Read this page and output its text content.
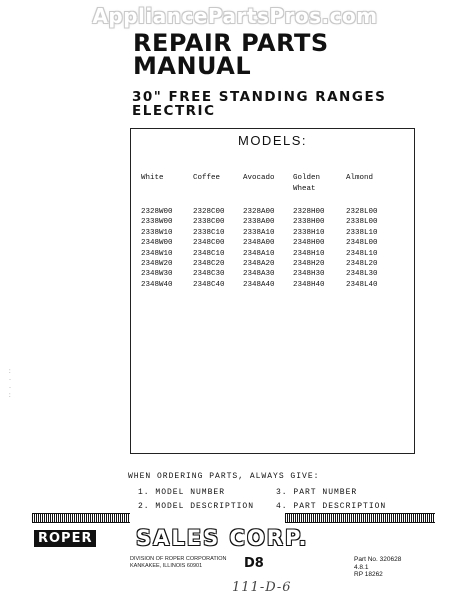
AppliancePartsPros.com
REPAIR PARTS
MANUAL
30" FREE STANDING RANGES
ELECTRIC
MODELS:
White
2328W00
2338W00
2338W10
2348W00
2348W10
2348W20
2348W30
2348W40
Coffee
2328C00
2338C00
2338C10
2348C00
2348C10
2348C20
2348C30
2348C40
Avocado
2328A00
2338A00
2338A10
2348A00
2348A10
2348A20
2348A30
2348A40
Golden
Wheat
2328H00
2338H00
2338H10
2348H00
2348H10
2348H20
2348H30
2348H40
Almond
2328L00
2338L00
2338L10
2348L00
2348L10
2348L20
2348L30
2348L40
WHEN ORDERING PARTS, ALWAYS GIVE:
1. MODEL NUMBER
2. MODEL DESCRIPTION
3. PART NUMBER
4. PART DESCRIPTION
ROPER SALES CORP.
DIVISION OF ROPER CORPORATION
KANKAKEE, ILLINOIS 60901	D8
111-D-6
Part No. 320628
4.8.1
RP 18262
:
·
·
:
